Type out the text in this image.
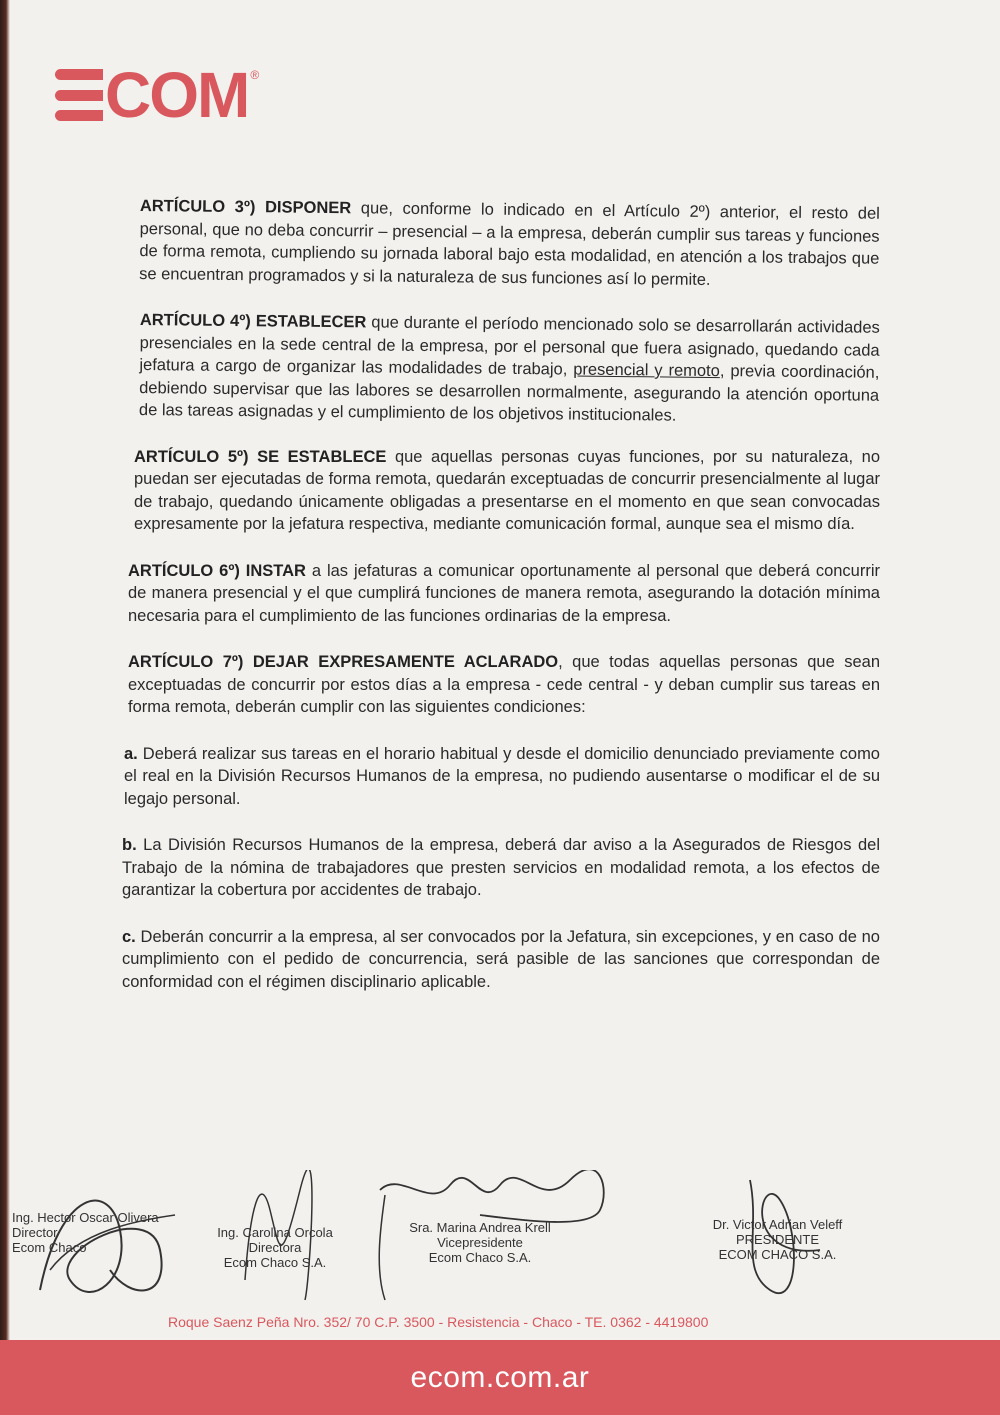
COM ®

ARTÍCULO 3º) DISPONER que, conforme lo indicado en el Artículo 2º) anterior, el resto del personal, que no deba concurrir – presencial – a la empresa, deberán cumplir sus tareas y funciones de forma remota, cumpliendo su jornada laboral bajo esta modalidad, en atención a los trabajos que se encuentran programados y si la naturaleza de sus funciones así lo permite.

ARTÍCULO 4º) ESTABLECER que durante el período mencionado solo se desarrollarán actividades presenciales en la sede central de la empresa, por el personal que fuera asignado, quedando cada jefatura a cargo de organizar las modalidades de trabajo, presencial y remoto, previa coordinación, debiendo supervisar que las labores se desarrollen normalmente, asegurando la atención oportuna de las tareas asignadas y el cumplimiento de los objetivos institucionales.

ARTÍCULO 5º) SE ESTABLECE que aquellas personas cuyas funciones, por su naturaleza, no puedan ser ejecutadas de forma remota, quedarán exceptuadas de concurrir presencialmente al lugar de trabajo, quedando únicamente obligadas a presentarse en el momento en que sean convocadas expresamente por la jefatura respectiva, mediante comunicación formal, aunque sea el mismo día.

ARTÍCULO 6º) INSTAR a las jefaturas a comunicar oportunamente al personal que deberá concurrir de manera presencial y el que cumplirá funciones de manera remota, asegurando la dotación mínima necesaria para el cumplimiento de las funciones ordinarias de la empresa.

ARTÍCULO 7º) DEJAR EXPRESAMENTE ACLARADO, que todas aquellas personas que sean exceptuadas de concurrir por estos días a la empresa - cede central - y deban cumplir sus tareas en forma remota, deberán cumplir con las siguientes condiciones:

a. Deberá realizar sus tareas en el horario habitual y desde el domicilio denunciado previamente como el real en la División Recursos Humanos de la empresa, no pudiendo ausentarse o modificar el de su legajo personal.

b. La División Recursos Humanos de la empresa, deberá dar aviso a la Asegurados de Riesgos del Trabajo de la nómina de trabajadores que presten servicios en modalidad remota, a los efectos de garantizar la cobertura por accidentes de trabajo.

c. Deberán concurrir a la empresa, al ser convocados por la Jefatura, sin excepciones, y en caso de no cumplimiento con el pedido de concurrencia, será pasible de las sanciones que correspondan de conformidad con el régimen disciplinario aplicable.

Ing. Hector Oscar Olivera
Director
Ecom Chaco
Ing. Carolina Orcola
Directora
Ecom Chaco S.A.
Sra. Marina Andrea Krell
Vicepresidente
Ecom Chaco S.A.
Dr. Victor Adrian Veleff
PRESIDENTE
ECOM CHACO S.A.
Roque Saenz Peña Nro. 352/ 70 C.P. 3500 - Resistencia - Chaco - TE. 0362 - 4419800
ecom.com.ar
